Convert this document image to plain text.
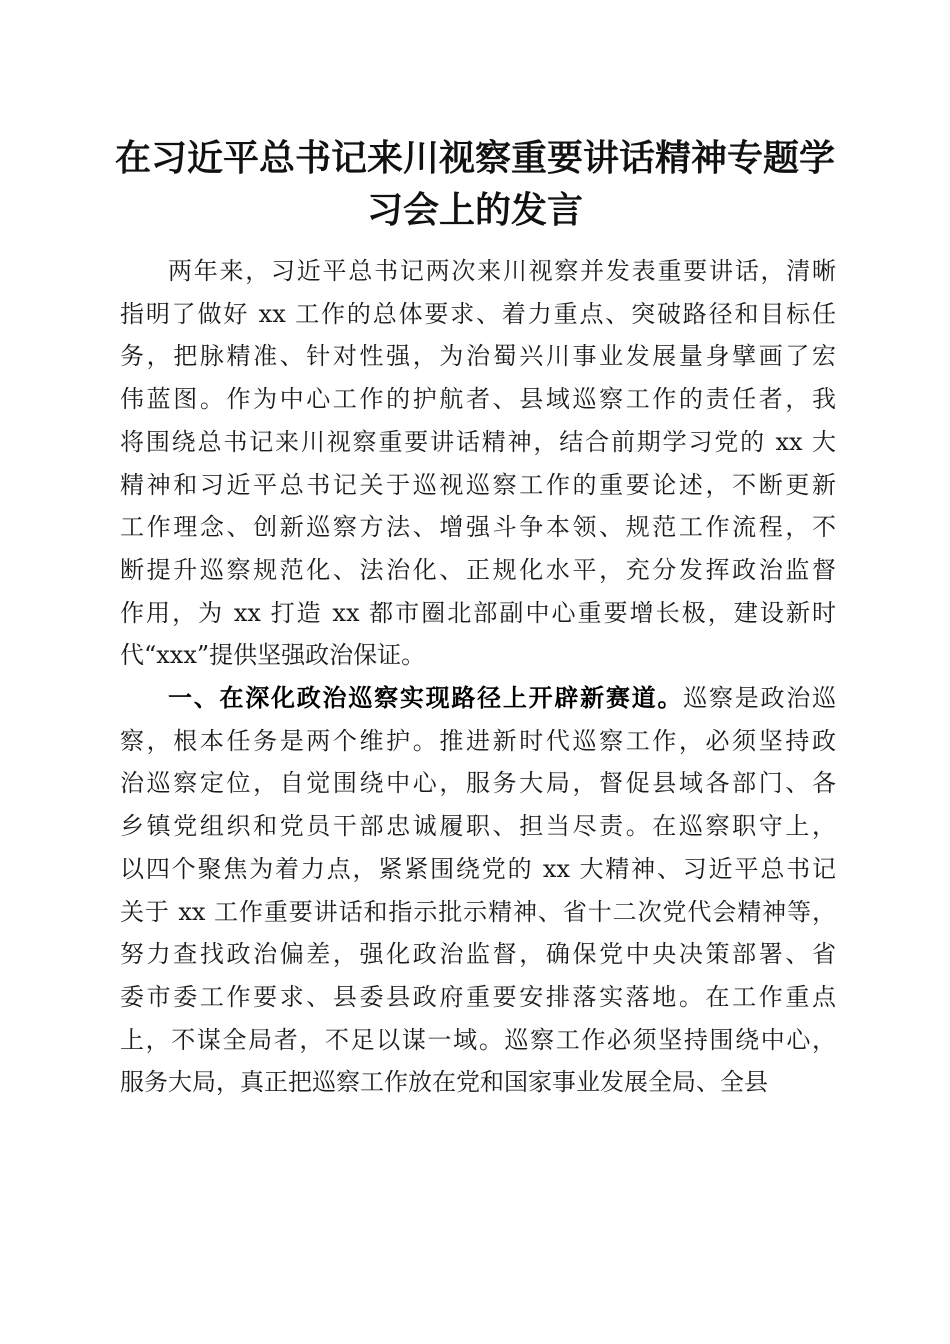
在习近平总书记来川视察重要讲话精神专题学
习会上的发言
两年来，习近平总书记两次来川视察并发表重要讲话，清晰
指明了做好 xx 工作的总体要求、着力重点、突破路径和目标任
务，把脉精准、针对性强，为治蜀兴川事业发展量身擘画了宏
伟蓝图。作为中心工作的护航者、县域巡察工作的责任者，我
将围绕总书记来川视察重要讲话精神，结合前期学习党的 xx 大
精神和习近平总书记关于巡视巡察工作的重要论述，不断更新
工作理念、创新巡察方法、增强斗争本领、规范工作流程，不
断提升巡察规范化、法治化、正规化水平，充分发挥政治监督
作用，为 xx 打造 xx 都市圈北部副中心重要增长极，建设新时
代“xxx”提供坚强政治保证。
一、在深化政治巡察实现路径上开辟新赛道。巡察是政治巡
察，根本任务是两个维护。推进新时代巡察工作，必须坚持政
治巡察定位，自觉围绕中心，服务大局，督促县域各部门、各
乡镇党组织和党员干部忠诚履职、担当尽责。在巡察职守上，
以四个聚焦为着力点，紧紧围绕党的 xx 大精神、习近平总书记
关于 xx 工作重要讲话和指示批示精神、省十二次党代会精神等，
努力查找政治偏差，强化政治监督，确保党中央决策部署、省
委市委工作要求、县委县政府重要安排落实落地。在工作重点
上，不谋全局者，不足以谋一域。巡察工作必须坚持围绕中心，
服务大局，真正把巡察工作放在党和国家事业发展全局、全县
